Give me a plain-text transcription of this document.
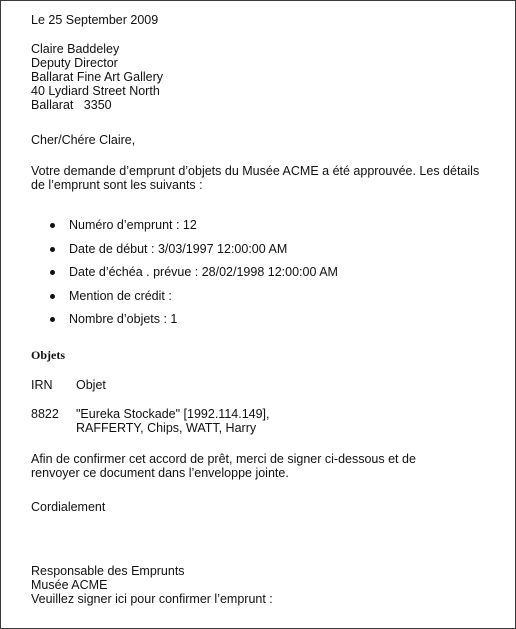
Le 25 September 2009
Claire Baddeley
Deputy Director
Ballarat Fine Art Gallery
40 Lydiard Street North
Ballarat   3350
Cher/Chére Claire,
Votre demande d’emprunt d’objets du Musée ACME a été approuvée. Les détails de l’emprunt sont les suivants :
Numéro d’emprunt : 12
Date de début : 3/03/1997 12:00:00 AM
Date d’échéa . prévue : 28/02/1998 12:00:00 AM
Mention de crédit :
Nombre d’objets : 1
Objets
IRN Objet
8822 "Eureka Stockade" [1992.114.149],
RAFFERTY, Chips, WATT, Harry
Afin de confirmer cet accord de prêt, merci de signer ci-dessous et de
renvoyer ce document dans l’enveloppe jointe.
Cordialement
Responsable des Emprunts
Musée ACME
Veuillez signer ici pour confirmer l’emprunt :
